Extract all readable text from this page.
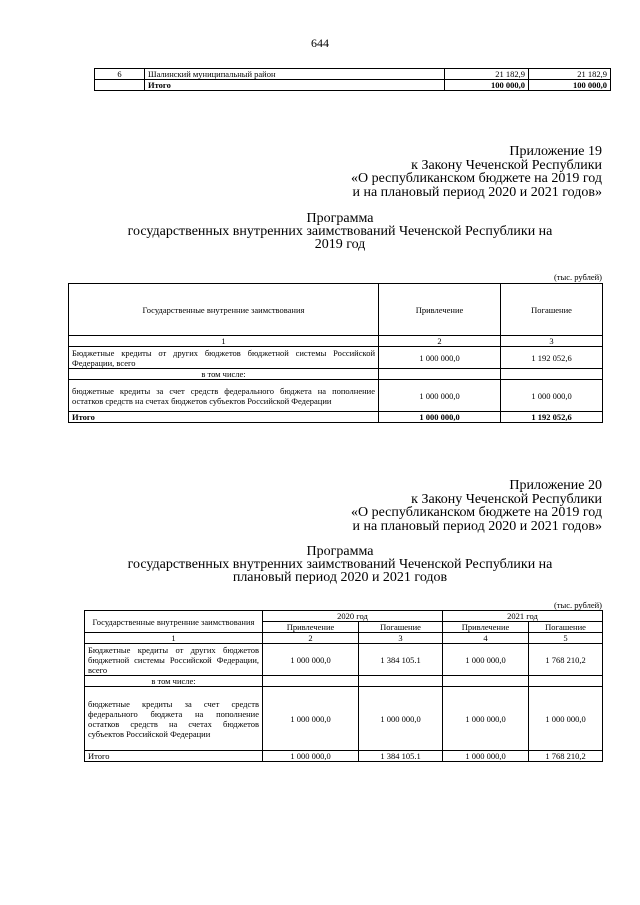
644
6	Шалинский муниципальный район	21 182,9	21 182,9
	Итого	100 000,0	100 000,0
Приложение 19
к Закону Чеченской Республики
«О республиканском бюджете на 2019 год
и на плановый период 2020 и 2021 годов»
Программа
государственных внутренних заимствований Чеченской Республики на
2019 год
(тыс. рублей)
Государственные внутренние заимствования	Привлечение	Погашение
1	2	3
Бюджетные кредиты от других бюджетов бюджетной системы Российской Федерации, всего	1 000 000,0	1 192 052,6
в том числе:		
бюджетные кредиты за счет средств федерального бюджета на пополнение остатков средств на счетах бюджетов субъектов Российской Федерации	1 000 000,0	1 000 000,0
Итого	1 000 000,0	1 192 052,6
Приложение 20
к Закону Чеченской Республики
«О республиканском бюджете на 2019 год
и на плановый период 2020 и 2021 годов»
Программа
государственных внутренних заимствований Чеченской Республики на
плановый период 2020 и 2021 годов
(тыс. рублей)
Государственные внутренние заимствования	2020 год		2021 год	
	Привлечение	Погашение	Привлечение	Погашение
1	2	3	4	5
Бюджетные кредиты от других бюджетов бюджетной системы Российской Федерации, всего	1 000 000,0	1 384 105.1	1 000 000,0	1 768 210,2
в том числе:				
бюджетные кредиты за счет средств федерального бюджета на пополнение остатков средств на счетах бюджетов субъектов Российской Федерации	1 000 000,0	1 000 000,0	1 000 000,0	1 000 000,0
Итого	1 000 000,0	1 384 105.1	1 000 000,0	1 768 210,2
